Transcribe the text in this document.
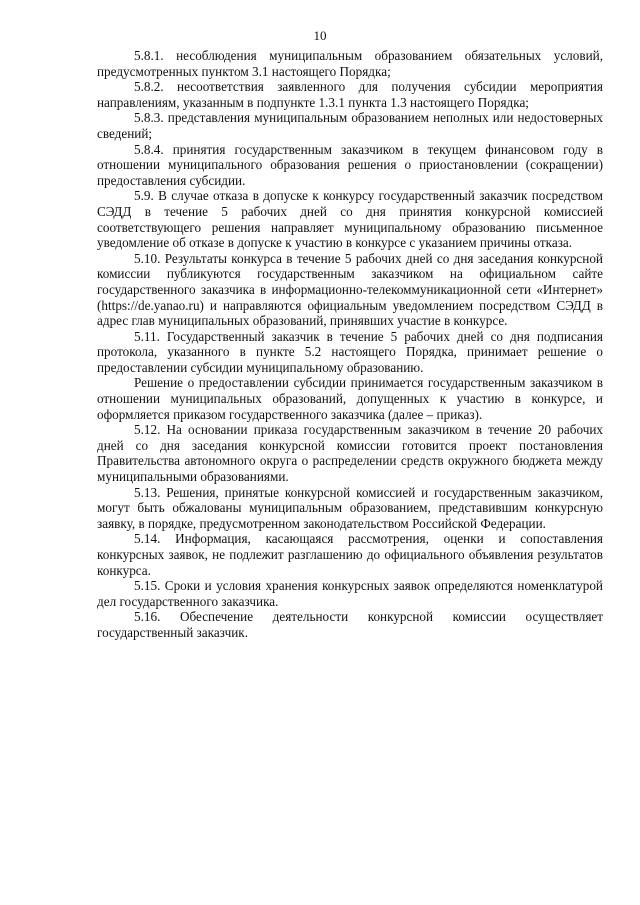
10

5.8.1. несоблюдения муниципальным образованием обязательных условий, предусмотренных пунктом 3.1 настоящего Порядка;

5.8.2. несоответствия заявленного для получения субсидии мероприятия направлениям, указанным в подпункте 1.3.1 пункта 1.3 настоящего Порядка;

5.8.3. представления муниципальным образованием неполных или недостоверных сведений;

5.8.4. принятия государственным заказчиком в текущем финансовом году в отношении муниципального образования решения о приостановлении (сокращении) предоставления субсидии.

5.9. В случае отказа в допуске к конкурсу государственный заказчик посредством СЭДД в течение 5 рабочих дней со дня принятия конкурсной комиссией соответствующего решения направляет муниципальному образованию письменное уведомление об отказе в допуске к участию в конкурсе с указанием причины отказа.

5.10. Результаты конкурса в течение 5 рабочих дней со дня заседания конкурсной комиссии публикуются государственным заказчиком на официальном сайте государственного заказчика в информационно-телекоммуникационной сети «Интернет» (https://de.yanao.ru) и направляются официальным уведомлением посредством СЭДД в адрес глав муниципальных образований, принявших участие в конкурсе.

5.11. Государственный заказчик в течение 5 рабочих дней со дня подписания протокола, указанного в пункте 5.2 настоящего Порядка, принимает решение о предоставлении субсидии муниципальному образованию.

Решение о предоставлении субсидии принимается государственным заказчиком в отношении муниципальных образований, допущенных к участию в конкурсе, и оформляется приказом государственного заказчика (далее – приказ).

5.12. На основании приказа государственным заказчиком в течение 20 рабочих дней со дня заседания конкурсной комиссии готовится проект постановления Правительства автономного округа о распределении средств окружного бюджета между муниципальными образованиями.

5.13. Решения, принятые конкурсной комиссией и государственным заказчиком, могут быть обжалованы муниципальным образованием, представившим конкурсную заявку, в порядке, предусмотренном законодательством Российской Федерации.

5.14. Информация, касающаяся рассмотрения, оценки и сопоставления конкурсных заявок, не подлежит разглашению до официального объявления результатов конкурса.

5.15. Сроки и условия хранения конкурсных заявок определяются номенклатурой дел государственного заказчика.

5.16. Обеспечение деятельности конкурсной комиссии осуществляет государственный заказчик.
